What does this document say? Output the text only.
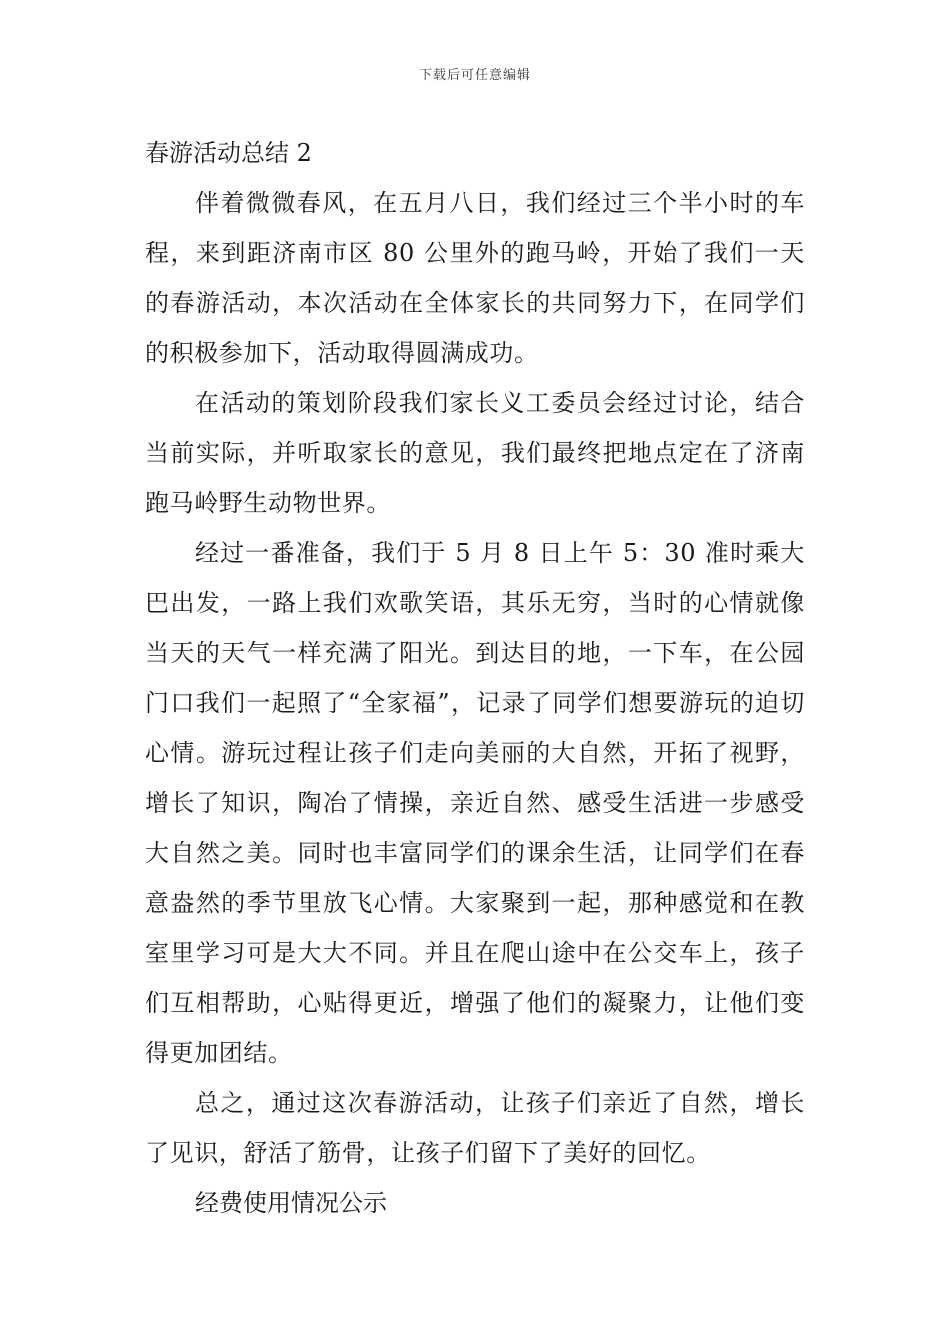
下载后可任意编辑
春游活动总结 2

伴着微微春风，在五月八日，我们经过三个半小时的车程，来到距济南市区 80 公里外的跑马岭，开始了我们一天的春游活动，本次活动在全体家长的共同努力下，在同学们的积极参加下，活动取得圆满成功。

在活动的策划阶段我们家长义工委员会经过讨论，结合当前实际，并听取家长的意见，我们最终把地点定在了济南跑马岭野生动物世界。

经过一番准备，我们于 5 月 8 日上午 5：30 准时乘大巴出发，一路上我们欢歌笑语，其乐无穷，当时的心情就像当天的天气一样充满了阳光。到达目的地，一下车，在公园门口我们一起照了“全家福”，记录了同学们想要游玩的迫切心情。游玩过程让孩子们走向美丽的大自然，开拓了视野，增长了知识，陶冶了情操，亲近自然、感受生活进一步感受大自然之美。同时也丰富同学们的课余生活，让同学们在春意盎然的季节里放飞心情。大家聚到一起，那种感觉和在教室里学习可是大大不同。并且在爬山途中在公交车上，孩子们互相帮助，心贴得更近，增强了他们的凝聚力，让他们变得更加团结。

总之，通过这次春游活动，让孩子们亲近了自然，增长了见识，舒活了筋骨，让孩子们留下了美好的回忆。

经费使用情况公示
